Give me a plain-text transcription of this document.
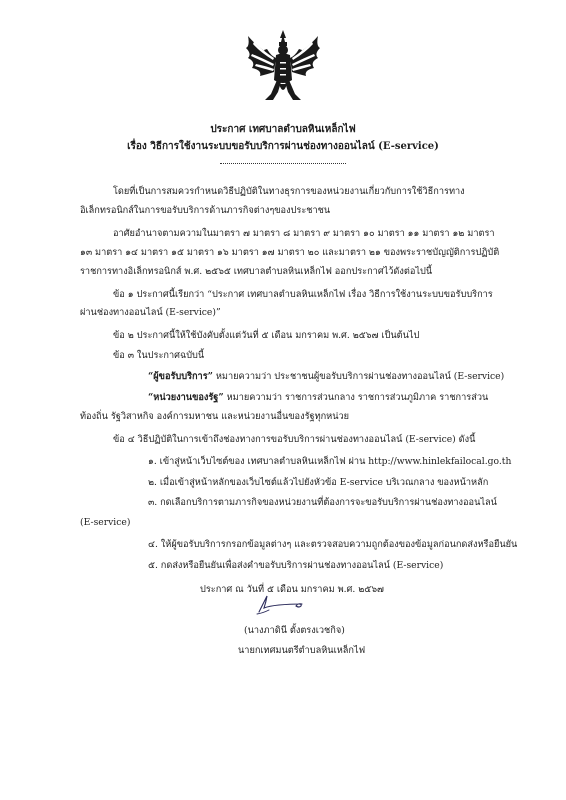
ประกาศ เทศบาลตำบลหินเหล็กไฟ
เรื่อง วิธีการใช้งานระบบขอรับบริการผ่านช่องทางออนไลน์ (E-service)
โดยที่เป็นการสมควรกำหนดวิธีปฏิบัติในทางธุรการของหน่วยงานเกี่ยวกับการใช้วิธีการทาง
อิเล็กทรอนิกส์ในการขอรับบริการด้านภารกิจต่างๆของประชาชน
อาศัยอำนาจตามความในมาตรา ๗ มาตรา ๘ มาตรา ๙ มาตรา ๑๐ มาตรา ๑๑ มาตรา ๑๒ มาตรา
๑๓ มาตรา ๑๔ มาตรา ๑๕ มาตรา ๑๖ มาตรา ๑๗ มาตรา ๒๐ และมาตรา ๒๑ ของพระราชบัญญัติการปฏิบัติ
ราชการทางอิเล็กทรอนิกส์ พ.ศ. ๒๕๖๕ เทศบาลตำบลหินเหล็กไฟ ออกประกาศไว้ดังต่อไปนี้
ข้อ ๑ ประกาศนี้เรียกว่า “ประกาศ เทศบาลตำบลหินเหล็กไฟ เรื่อง วิธีการใช้งานระบบขอรับบริการ
ผ่านช่องทางออนไลน์ (E-service)”
ข้อ ๒ ประกาศนี้ให้ใช้บังคับตั้งแต่วันที่ ๕ เดือน มกราคม พ.ศ. ๒๕๖๗ เป็นต้นไป
ข้อ ๓ ในประกาศฉบับนี้
“ผู้ขอรับบริการ” หมายความว่า ประชาชนผู้ขอรับบริการผ่านช่องทางออนไลน์ (E-service)
“หน่วยงานของรัฐ” หมายความว่า ราชการส่วนกลาง ราชการส่วนภูมิภาค ราชการส่วน
ท้องถิ่น รัฐวิสาหกิจ องค์การมหาชน และหน่วยงานอื่นของรัฐทุกหน่วย
ข้อ ๔ วิธีปฏิบัติในการเข้าถึงช่องทางการขอรับบริการผ่านช่องทางออนไลน์ (E-service) ดังนี้
๑. เข้าสู่หน้าเว็บไซต์ของ เทศบาลตำบลหินเหล็กไฟ ผ่าน http://www.hinlekfailocal.go.th
๒. เมื่อเข้าสู่หน้าหลักของเว็บไซต์แล้วไปยังหัวข้อ E-service บริเวณกลาง ของหน้าหลัก
๓. กดเลือกบริการตามภารกิจของหน่วยงานที่ต้องการจะขอรับบริการผ่านช่องทางออนไลน์
(E-service)
๔. ให้ผู้ขอรับบริการกรอกข้อมูลต่างๆ และตรวจสอบความถูกต้องของข้อมูลก่อนกดส่งหรือยืนยัน
๕. กดส่งหรือยืนยันเพื่อส่งคำขอรับบริการผ่านช่องทางออนไลน์ (E-service)
ประกาศ ณ วันที่ ๕ เดือน มกราคม พ.ศ. ๒๕๖๗
(นางภาดินี ตั้งตรงเวชกิจ)
นายกเทศมนตรีตำบลหินเหล็กไฟ
